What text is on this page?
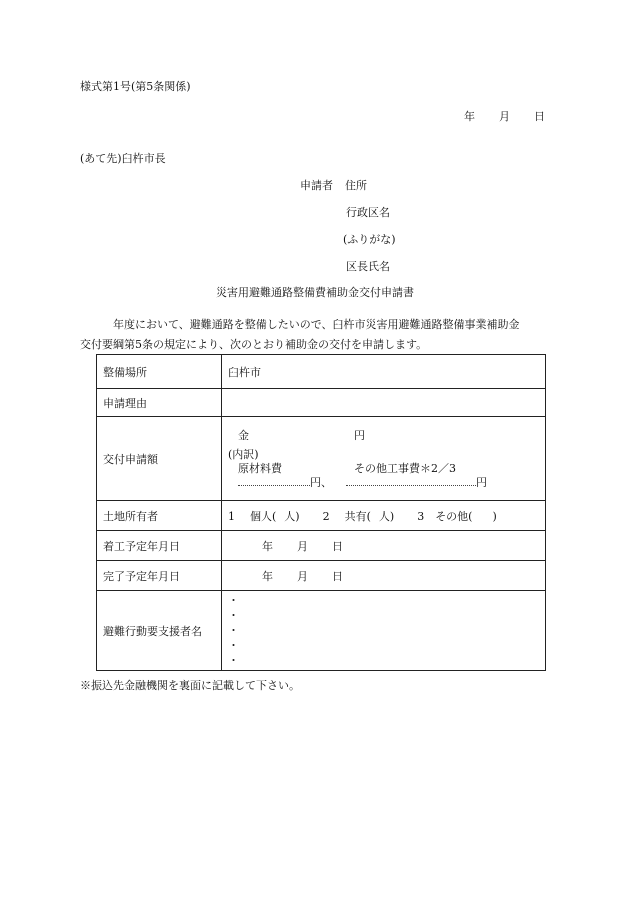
様式第1号(第5条関係)
年 月 日
(あて先)臼杵市長
申請者 住所
行政区名
(ふりがな)
区長氏名
災害用避難通路整備費補助金交付申請書
年度において、避難通路を整備したいので、臼杵市災害用避難通路整備事業補助金
交付要綱第5条の規定により、次のとおり補助金の交付を申請します。
整備場所	臼杵市
申請理由	
交付申請額	金 円
(内訳)
原材料費 その他工事費＊2／3
円、 円

土地所有者	1 個人( 人) 2 共有( 人) 3 その他( )
着工予定年月日	年 月 日
完了予定年月日	年 月 日
避難行動要支援者名	・
・
・
・
・
※振込先金融機関を裏面に記載して下さい。
